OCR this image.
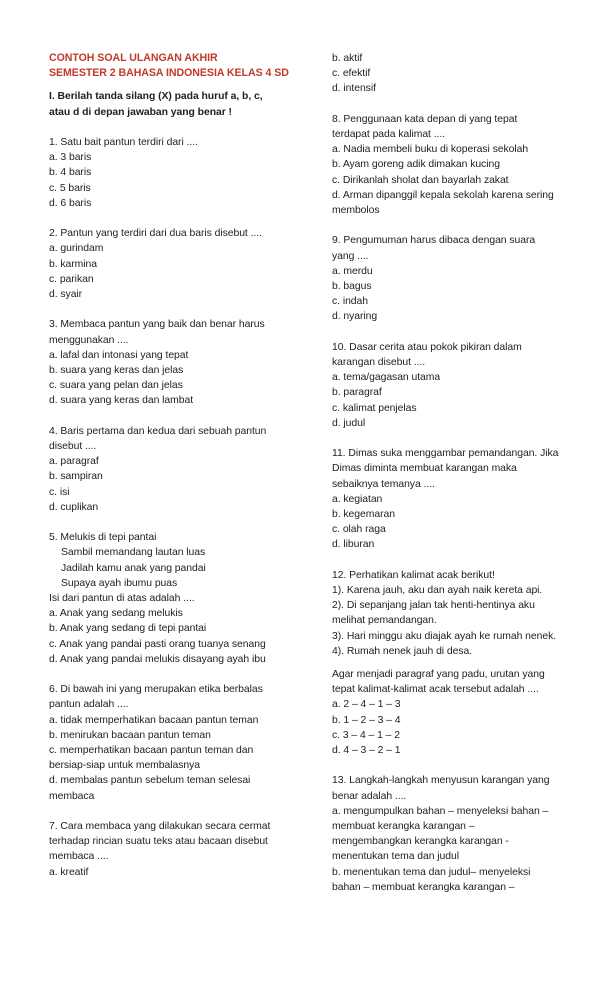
CONTOH SOAL ULANGAN AKHIR
SEMESTER 2 BAHASA INDONESIA KELAS 4 SD
I. Berilah tanda silang (X) pada huruf a, b, c,
atau d di depan jawaban yang benar !
1. Satu bait pantun terdiri dari ....
a. 3 baris
b. 4 baris
c. 5 baris
d. 6 baris
2. Pantun yang terdiri dari dua baris disebut ....
a. gurindam
b. karmina
c. parikan
d. syair
3. Membaca pantun yang baik dan benar harus
menggunakan ....
a. lafal dan intonasi yang tepat
b. suara yang keras dan jelas
c. suara yang pelan dan jelas
d. suara yang keras dan lambat
4. Baris pertama dan kedua dari sebuah pantun
disebut ....
a. paragraf
b. sampiran
c. isi
d. cuplikan
5. Melukis di tepi pantai
Sambil memandang lautan luas
Jadilah kamu anak yang pandai
Supaya ayah ibumu puas
Isi dari pantun di atas adalah ....
a. Anak yang sedang melukis
b. Anak yang sedang di tepi pantai
c. Anak yang pandai pasti orang tuanya senang
d. Anak yang pandai melukis disayang ayah ibu
6. Di bawah ini yang merupakan etika berbalas
pantun adalah ....
a. tidak memperhatikan bacaan pantun teman
b. menirukan bacaan pantun teman
c. memperhatikan bacaan pantun teman dan
bersiap-siap untuk membalasnya
d. membalas pantun sebelum teman selesai
membaca
7. Cara membaca yang dilakukan secara cermat
terhadap rincian suatu teks atau bacaan disebut
membaca ....
a. kreatif
b. aktif
c. efektif
d. intensif
8. Penggunaan kata depan di yang tepat
terdapat pada kalimat ....
a. Nadia membeli buku di koperasi sekolah
b. Ayam goreng adik dimakan kucing
c. Dirikanlah sholat dan bayarlah zakat
d. Arman dipanggil kepala sekolah karena sering
membolos
9. Pengumuman harus dibaca dengan suara
yang ....
a. merdu
b. bagus
c. indah
d. nyaring
10. Dasar cerita atau pokok pikiran dalam
karangan disebut ....
a. tema/gagasan utama
b. paragraf
c. kalimat penjelas
d. judul
11. Dimas suka menggambar pemandangan. Jika
Dimas diminta membuat karangan maka
sebaiknya temanya ....
a. kegiatan
b. kegemaran
c. olah raga
d. liburan
12. Perhatikan kalimat acak berikut!
1). Karena jauh, aku dan ayah naik kereta api.
2). Di sepanjang jalan tak henti-hentinya aku
melihat pemandangan.
3). Hari minggu aku diajak ayah ke rumah nenek.
4). Rumah nenek jauh di desa.
Agar menjadi paragraf yang padu, urutan yang
tepat kalimat-kalimat acak tersebut adalah ....
a. 2 – 4 – 1 – 3
b. 1 – 2 – 3 – 4
c. 3 – 4 – 1 – 2
d. 4 – 3 – 2 – 1
13. Langkah-langkah menyusun karangan yang
benar adalah ....
a. mengumpulkan bahan – menyeleksi bahan –
membuat kerangka karangan –
mengembangkan kerangka karangan -
menentukan tema dan judul
b. menentukan tema dan judul– menyeleksi
bahan – membuat kerangka karangan –
